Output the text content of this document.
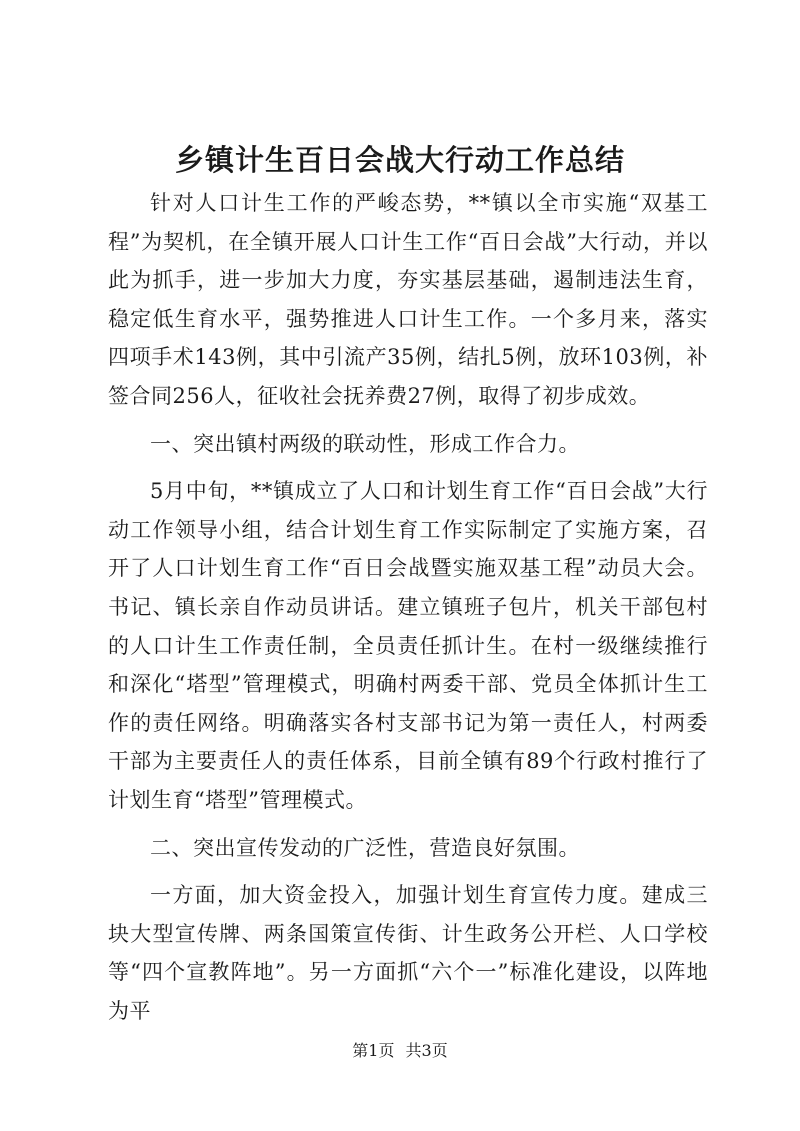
乡镇计生百日会战大行动工作总结

针对人口计生工作的严峻态势，**镇以全市实施“双基工程”为契机，在全镇开展人口计生工作“百日会战”大行动，并以此为抓手，进一步加大力度，夯实基层基础，遏制违法生育，稳定低生育水平，强势推进人口计生工作。一个多月来，落实四项手术143例，其中引流产35例，结扎5例，放环103例，补签合同256人，征收社会抚养费27例，取得了初步成效。

一、突出镇村两级的联动性，形成工作合力。

5月中旬，**镇成立了人口和计划生育工作“百日会战”大行动工作领导小组，结合计划生育工作实际制定了实施方案，召开了人口计划生育工作“百日会战暨实施双基工程”动员大会。书记、镇长亲自作动员讲话。建立镇班子包片，机关干部包村的人口计生工作责任制，全员责任抓计生。在村一级继续推行和深化“塔型”管理模式，明确村两委干部、党员全体抓计生工作的责任网络。明确落实各村支部书记为第一责任人，村两委干部为主要责任人的责任体系，目前全镇有89个行政村推行了计划生育“塔型”管理模式。

二、突出宣传发动的广泛性，营造良好氛围。

一方面，加大资金投入，加强计划生育宣传力度。建成三块大型宣传牌、两条国策宣传街、计生政务公开栏、人口学校等“四个宣教阵地”。另一方面抓“六个一”标准化建设，以阵地为平

第1页 共3页
